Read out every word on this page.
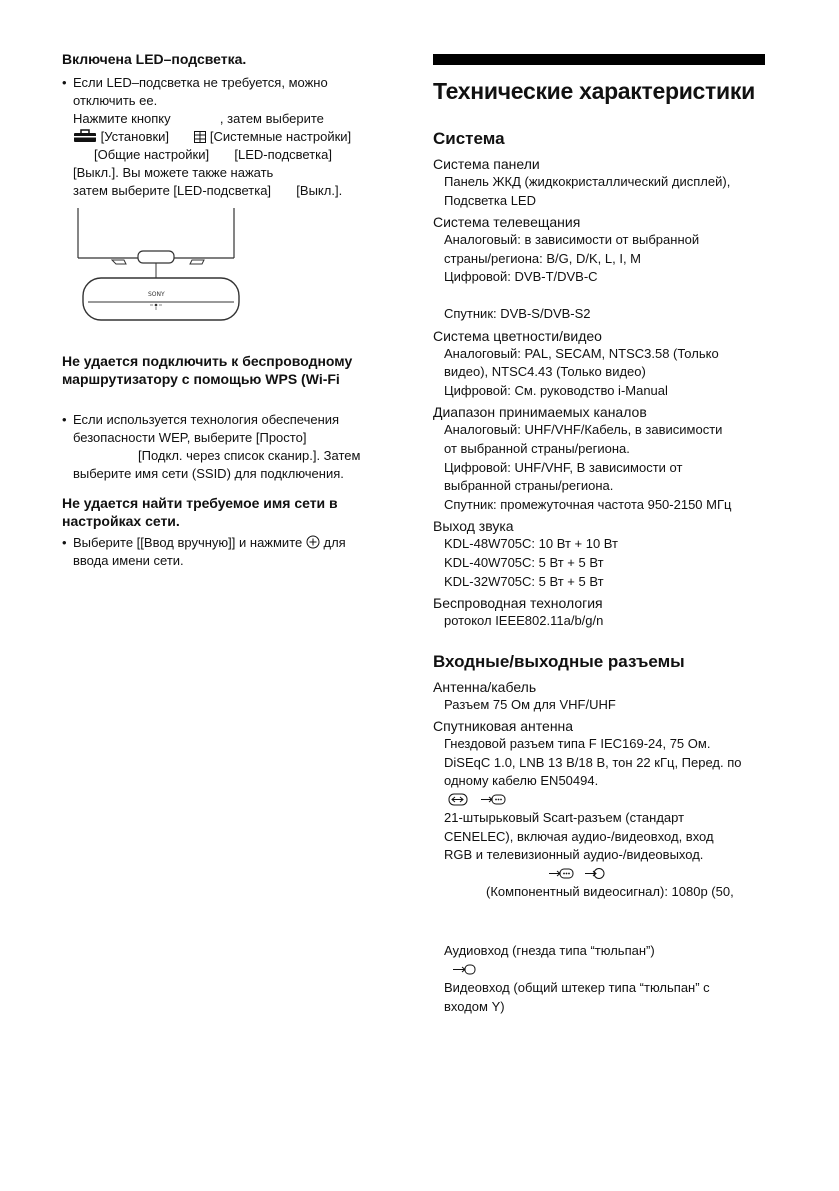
Включена LED–подсветка.

• Если LED–подсветка не требуется, можно

отключить ее.

Нажмите кнопку	, затем выберите

[Установки]	[Системные настройки]

[Общие настройки] [LED-подсветка]

[Выкл.]. Вы можете также нажать

затем выберите [LED-подсветка] [Выкл.].

SONY

Не удается подключить к беспроводному

маршрутизатору с помощью WPS (Wi-Fi

• Если используется технология обеспечения

безопасности WEP, выберите [Просто]

[Подкл. через список сканир.]. Затем

выберите имя сети (SSID) для подключения.

Не удается найти требуемое имя сети в

настройках сети.

• Выберите [[Ввод вручную]] и нажмите для

ввода имени сети.

Технические характеристики
Система

Система панели

Панель ЖКД (жидкокристаллический дисплей),

Подсветка LED

Система телевещания

Аналоговый: в зависимости от выбранной

страны/региона: B/G, D/K, L, I, M

Цифровой: DVB-T/DVB-C

Спутник: DVB-S/DVB-S2

Система цветности/видео

Аналоговый: PAL, SECAM, NTSC3.58 (Только

видео), NTSC4.43 (Только видео)

Цифровой: См. руководство i-Manual

Диапазон принимаемых каналов

Аналоговый: UHF/VHF/Кабель, в зависимости

от выбранной страны/региона.

Цифровой: UHF/VHF, В зависимости от

выбранной страны/региона.

Спутник: промежуточная частота 950-2150 МГц

Выход звука

KDL-48W705C: 10 Вт + 10 Вт

KDL-40W705C: 5 Вт + 5 Вт

KDL-32W705C: 5 Вт + 5 Вт

Беспроводная технология

ротокол IEEE802.11a/b/g/n

Входные/выходные разъемы

Антенна/кабель

Разъем 75 Ом для VHF/UHF

Спутниковая антенна

Гнездовой разъем типа F IEC169-24, 75 Ом.

DiSEqC 1.0, LNB 13 В/18 В, тон 22 кГц, Перед. по

одному кабелю EN50494.

21-штырьковый Scart-разъем (стандарт

CENELEC), включая аудио-/видеовход, вход

RGB и телевизионный аудио-/видеовыход.

(Компонентный видеосигнал): 1080p (50,

Аудиовход (гнезда типа “тюльпан”)

Видеовход (общий штекер типа “тюльпан” с

входом Y)
